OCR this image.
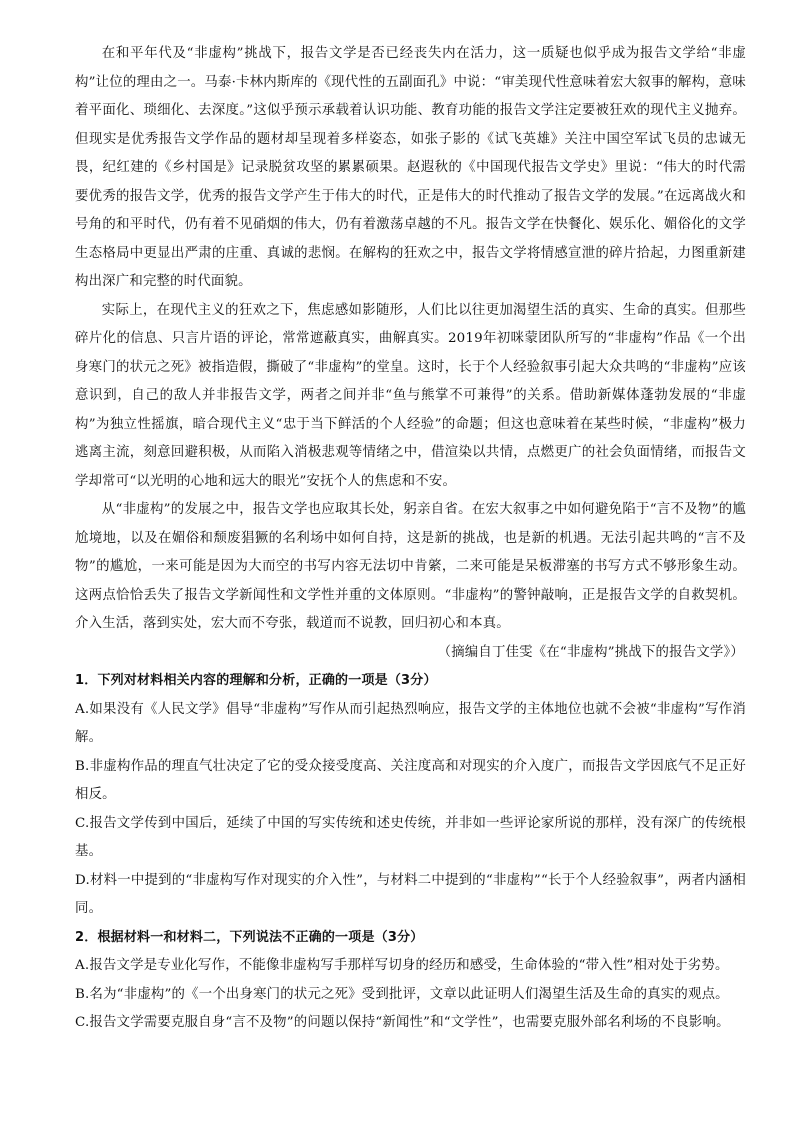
在和平年代及“非虚构”挑战下，报告文学是否已经丧失内在活力，这一质疑也似乎成为报告文学给“非虚构”让位的理由之一。马泰·卡林内斯库的《现代性的五副面孔》中说：“审美现代性意味着宏大叙事的解构，意味着平面化、琐细化、去深度。”这似乎预示承载着认识功能、教育功能的报告文学注定要被狂欢的现代主义抛弃。但现实是优秀报告文学作品的题材却呈现着多样姿态，如张子影的《试飞英雄》关注中国空军试飞员的忠诚无畏，纪红建的《乡村国是》记录脱贫攻坚的累累硕果。赵遐秋的《中国现代报告文学史》里说：“伟大的时代需要优秀的报告文学，优秀的报告文学产生于伟大的时代，正是伟大的时代推动了报告文学的发展。”在远离战火和号角的和平时代，仍有着不见硝烟的伟大，仍有着激荡卓越的不凡。报告文学在快餐化、娱乐化、媚俗化的文学生态格局中更显出严肃的庄重、真诚的悲悯。在解构的狂欢之中，报告文学将情感宣泄的碎片拾起，力图重新建构出深广和完整的时代面貌。

实际上，在现代主义的狂欢之下，焦虑感如影随形，人们比以往更加渴望生活的真实、生命的真实。但那些碎片化的信息、只言片语的评论，常常遮蔽真实，曲解真实。2019年初咪蒙团队所写的“非虚构”作品《一个出身寒门的状元之死》被指造假，撕破了“非虚构”的堂皇。这时，长于个人经验叙事引起大众共鸣的“非虚构”应该意识到，自己的敌人并非报告文学，两者之间并非“鱼与熊掌不可兼得”的关系。借助新媒体蓬勃发展的“非虚构”为独立性摇旗，暗合现代主义“忠于当下鲜活的个人经验”的命题；但这也意味着在某些时候，“非虚构”极力逃离主流，刻意回避积极，从而陷入消极悲观等情绪之中，借渲染以共情，点燃更广的社会负面情绪，而报告文学却常可“以光明的心地和远大的眼光”安抚个人的焦虑和不安。

从“非虚构”的发展之中，报告文学也应取其长处，躬亲自省。在宏大叙事之中如何避免陷于“言不及物”的尴尬境地，以及在媚俗和颓废猖獗的名利场中如何自持，这是新的挑战，也是新的机遇。无法引起共鸣的“言不及物”的尴尬，一来可能是因为大而空的书写内容无法切中肯綮，二来可能是呆板滞塞的书写方式不够形象生动。这两点恰恰丢失了报告文学新闻性和文学性并重的文体原则。“非虚构”的警钟敲响，正是报告文学的自救契机。介入生活，落到实处，宏大而不夸张，载道而不说教，回归初心和本真。

（摘编自丁佳雯《在“非虚构”挑战下的报告文学》）

1．下列对材料相关内容的理解和分析，正确的一项是（3分）

A.如果没有《人民文学》倡导“非虚构”写作从而引起热烈响应，报告文学的主体地位也就不会被“非虚构”写作消解。

B.非虚构作品的理直气壮决定了它的受众接受度高、关注度高和对现实的介入度广，而报告文学因底气不足正好相反。

C.报告文学传到中国后，延续了中国的写实传统和述史传统，并非如一些评论家所说的那样，没有深广的传统根基。

D.材料一中提到的“非虚构写作对现实的介入性”，与材料二中提到的“非虚构”“长于个人经验叙事”，两者内涵相同。

2．根据材料一和材料二，下列说法不正确的一项是（3分）

A.报告文学是专业化写作，不能像非虚构写手那样写切身的经历和感受，生命体验的“带入性”相对处于劣势。

B.名为“非虚构”的《一个出身寒门的状元之死》受到批评，文章以此证明人们渴望生活及生命的真实的观点。

C.报告文学需要克服自身“言不及物”的问题以保持“新闻性”和“文学性”，也需要克服外部名利场的不良影响。
